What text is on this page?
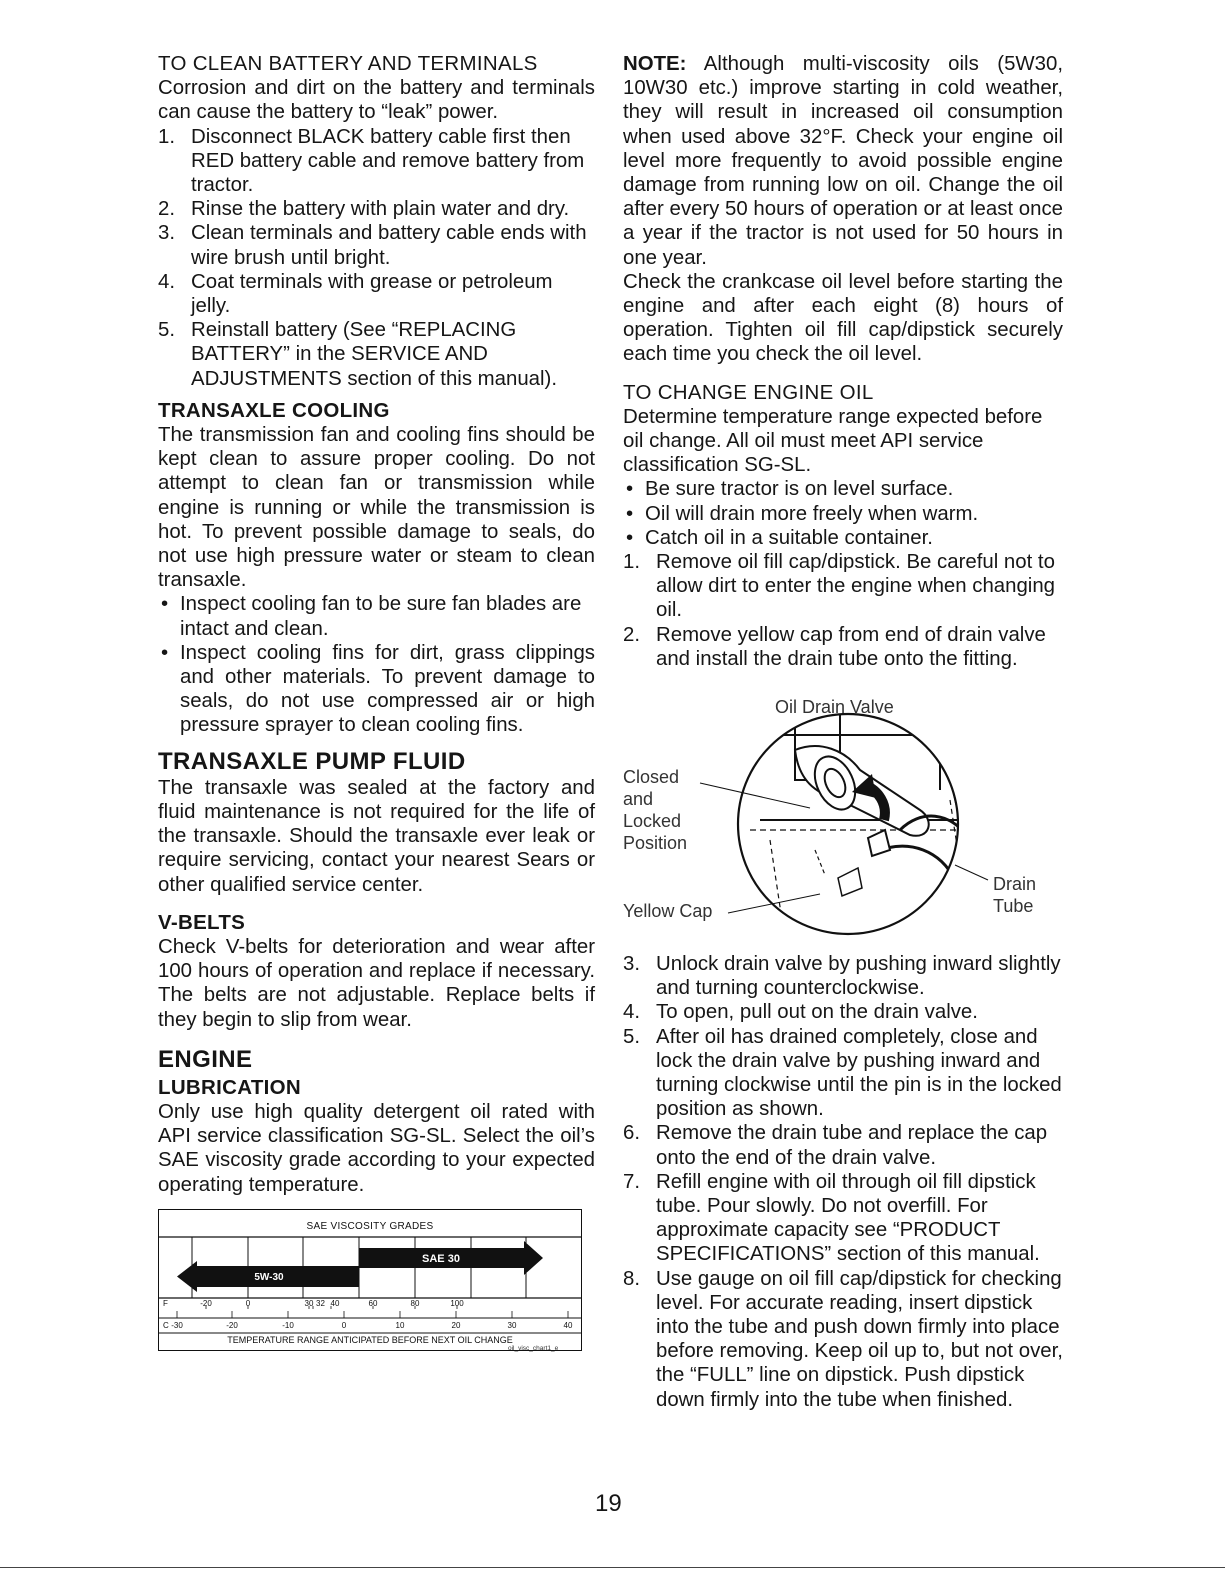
TO CLEAN BATTERY AND TERMINALS

Corrosion and dirt on the battery and terminals can cause the battery to “leak” power.

1. Disconnect BLACK battery cable first then RED battery cable and remove battery from tractor.
2. Rinse the battery with plain water and dry.
3. Clean terminals and battery cable ends with wire brush until bright.
4. Coat terminals with grease or petroleum jelly.
5. Reinstall battery (See “REPLACING BATTERY” in the SERVICE AND ADJUSTMENTS section of this manual).

TRANSAXLE COOLING

The transmission fan and cooling fins should be kept clean to assure proper cooling. Do not attempt to clean fan or transmission while engine is running or while the transmission is hot. To prevent possible damage to seals, do not use high pressure water or steam to clean transaxle.

• Inspect cooling fan to be sure fan blades are intact and clean.
• Inspect cooling fins for dirt, grass clippings and other materials. To prevent damage to seals, do not use compressed air or high pressure sprayer to clean cooling fins.

TRANSAXLE PUMP FLUID

The transaxle was sealed at the factory and fluid maintenance is not required for the life of the transaxle. Should the transaxle ever leak or require servicing, contact your nearest Sears or other qualified service center.

V-BELTS

Check V-belts for deterioration and wear after 100 hours of operation and replace if necessary. The belts are not adjustable. Replace belts if they begin to slip from wear.

ENGINE

LUBRICATION

Only use high quality detergent oil rated with API service classification SG-SL. Select the oil’s SAE viscosity grade according to your expected operating temperature.

SAE VISCOSITY GRADES
SAE 30
5W-30
F	-20	0	30 32 40	60	80	100
C -30	-20	-10	0	10	20	30	40
TEMPERATURE RANGE ANTICIPATED BEFORE NEXT OIL CHANGE
oil_visc_chart1_e

NOTE: Although multi-viscosity oils (5W30, 10W30 etc.) improve starting in cold weather, they will result in increased oil consumption when used above 32°F. Check your engine oil level more frequently to avoid possible engine damage from running low on oil. Change the oil after every 50 hours of operation or at least once a year if the tractor is not used for 50 hours in one year.

Check the crankcase oil level before starting the engine and after each eight (8) hours of operation. Tighten oil fill cap/dipstick securely each time you check the oil level.

TO CHANGE ENGINE OIL

Determine temperature range expected before oil change. All oil must meet API service classification SG-SL.

• Be sure tractor is on level surface.
• Oil will drain more freely when warm.
• Catch oil in a suitable container.
1. Remove oil fill cap/dipstick. Be careful not to allow dirt to enter the engine when changing oil.
2. Remove yellow cap from end of drain valve and install the drain tube onto the fitting.
Oil Drain Valve
Closed
and
Locked
Position
Yellow Cap
Drain
Tube
3. Unlock drain valve by pushing inward slightly and turning counterclockwise.
4. To open, pull out on the drain valve.
5. After oil has drained completely, close and lock the drain valve by pushing inward and turning clockwise until the pin is in the locked position as shown.
6. Remove the drain tube and replace the cap onto the end of the drain valve.
7. Refill engine with oil through oil fill dipstick tube. Pour slowly. Do not overfill. For approximate capacity see “PRODUCT SPECIFICATIONS” section of this manual.
8. Use gauge on oil fill cap/dipstick for checking level. For accurate reading, insert dipstick into the tube and push down firmly into place before removing. Keep oil up to, but not over, the “FULL” line on dipstick. Push dipstick down firmly into the tube when finished.
19
